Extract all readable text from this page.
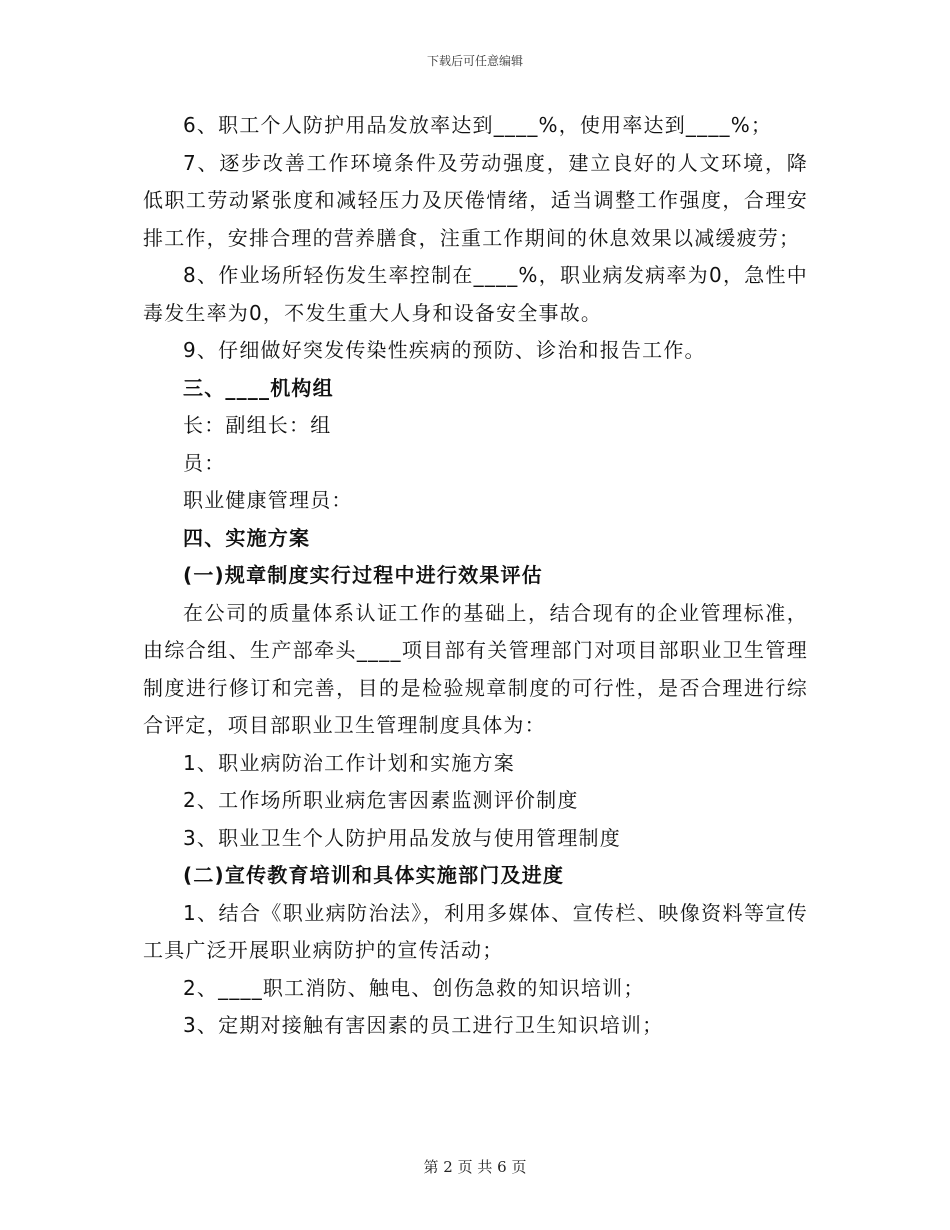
下载后可任意编辑

6、职工个人防护用品发放率达到____%，使用率达到____%；

7、逐步改善工作环境条件及劳动强度，建立良好的人文环境，降低职工劳动紧张度和减轻压力及厌倦情绪，适当调整工作强度，合理安排工作，安排合理的营养膳食，注重工作期间的休息效果以减缓疲劳；

8、作业场所轻伤发生率控制在____%，职业病发病率为0，急性中毒发生率为0，不发生重大人身和设备安全事故。

9、仔细做好突发传染性疾病的预防、诊治和报告工作。

三、____机构组

长：副组长：组

员：

职业健康管理员：

四、实施方案

(一)规章制度实行过程中进行效果评估

在公司的质量体系认证工作的基础上，结合现有的企业管理标准，由综合组、生产部牵头____项目部有关管理部门对项目部职业卫生管理制度进行修订和完善，目的是检验规章制度的可行性，是否合理进行综合评定，项目部职业卫生管理制度具体为：

1、职业病防治工作计划和实施方案

2、工作场所职业病危害因素监测评价制度

3、职业卫生个人防护用品发放与使用管理制度

(二)宣传教育培训和具体实施部门及进度

1、结合《职业病防治法》，利用多媒体、宣传栏、映像资料等宣传工具广泛开展职业病防护的宣传活动；

2、____职工消防、触电、创伤急救的知识培训；

3、定期对接触有害因素的员工进行卫生知识培训；

第 2 页 共 6 页
